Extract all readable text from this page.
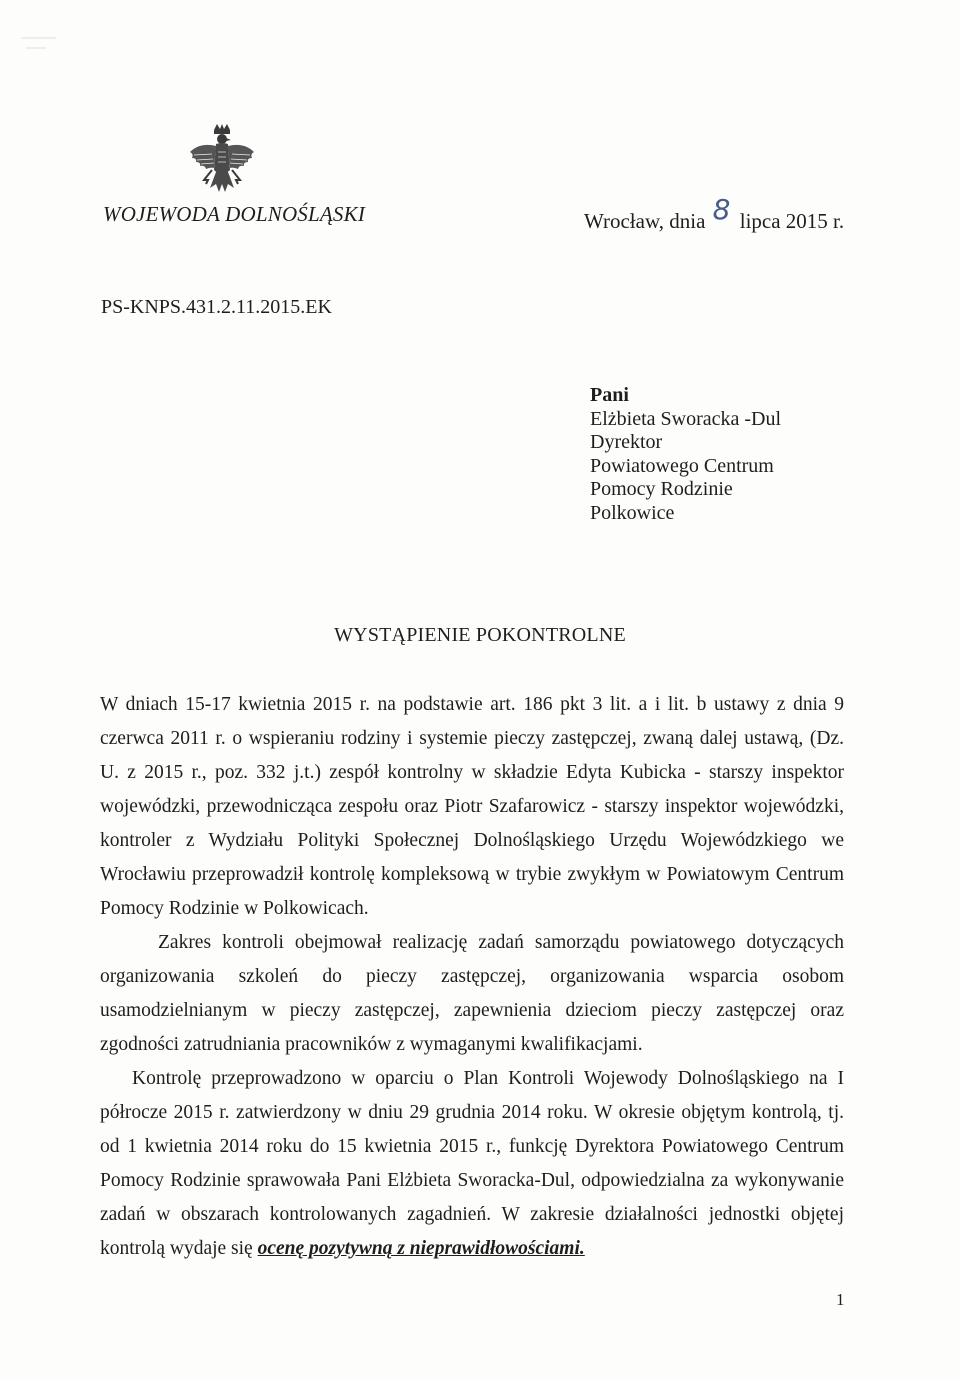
WOJEWODA DOLNOŚLĄSKI	Wrocław, dnia 8 lipca 2015 r.
PS-KNPS.431.2.11.2015.EK
Pani
Elżbieta Sworacka -Dul
Dyrektor
Powiatowego Centrum
Pomocy Rodzinie
Polkowice
WYSTĄPIENIE POKONTROLNE

W dniach 15-17 kwietnia 2015 r. na podstawie art. 186 pkt 3 lit. a i lit. b ustawy z dnia 9 czerwca 2011 r. o wspieraniu rodziny i systemie pieczy zastępczej, zwaną dalej ustawą, (Dz. U. z 2015 r., poz. 332 j.t.) zespół kontrolny w składzie Edyta Kubicka - starszy inspektor wojewódzki, przewodnicząca zespołu oraz Piotr Szafarowicz - starszy inspektor wojewódzki, kontroler z Wydziału Polityki Społecznej Dolnośląskiego Urzędu Wojewódzkiego we Wrocławiu przeprowadził kontrolę kompleksową w trybie zwykłym w Powiatowym Centrum Pomocy Rodzinie w Polkowicach.

Zakres kontroli obejmował realizację zadań samorządu powiatowego dotyczących organizowania szkoleń do pieczy zastępczej, organizowania wsparcia osobom usamodzielnianym w pieczy zastępczej, zapewnienia dzieciom pieczy zastępczej oraz zgodności zatrudniania pracowników z wymaganymi kwalifikacjami.

Kontrolę przeprowadzono w oparciu o Plan Kontroli Wojewody Dolnośląskiego na I półrocze 2015 r. zatwierdzony w dniu 29 grudnia 2014 roku. W okresie objętym kontrolą, tj. od 1 kwietnia 2014 roku do 15 kwietnia 2015 r., funkcję Dyrektora Powiatowego Centrum Pomocy Rodzinie sprawowała Pani Elżbieta Sworacka-Dul, odpowiedzialna za wykonywanie zadań w obszarach kontrolowanych zagadnień. W zakresie działalności jednostki objętej kontrolą wydaje się ocenę pozytywną z nieprawidłowościami.

1
